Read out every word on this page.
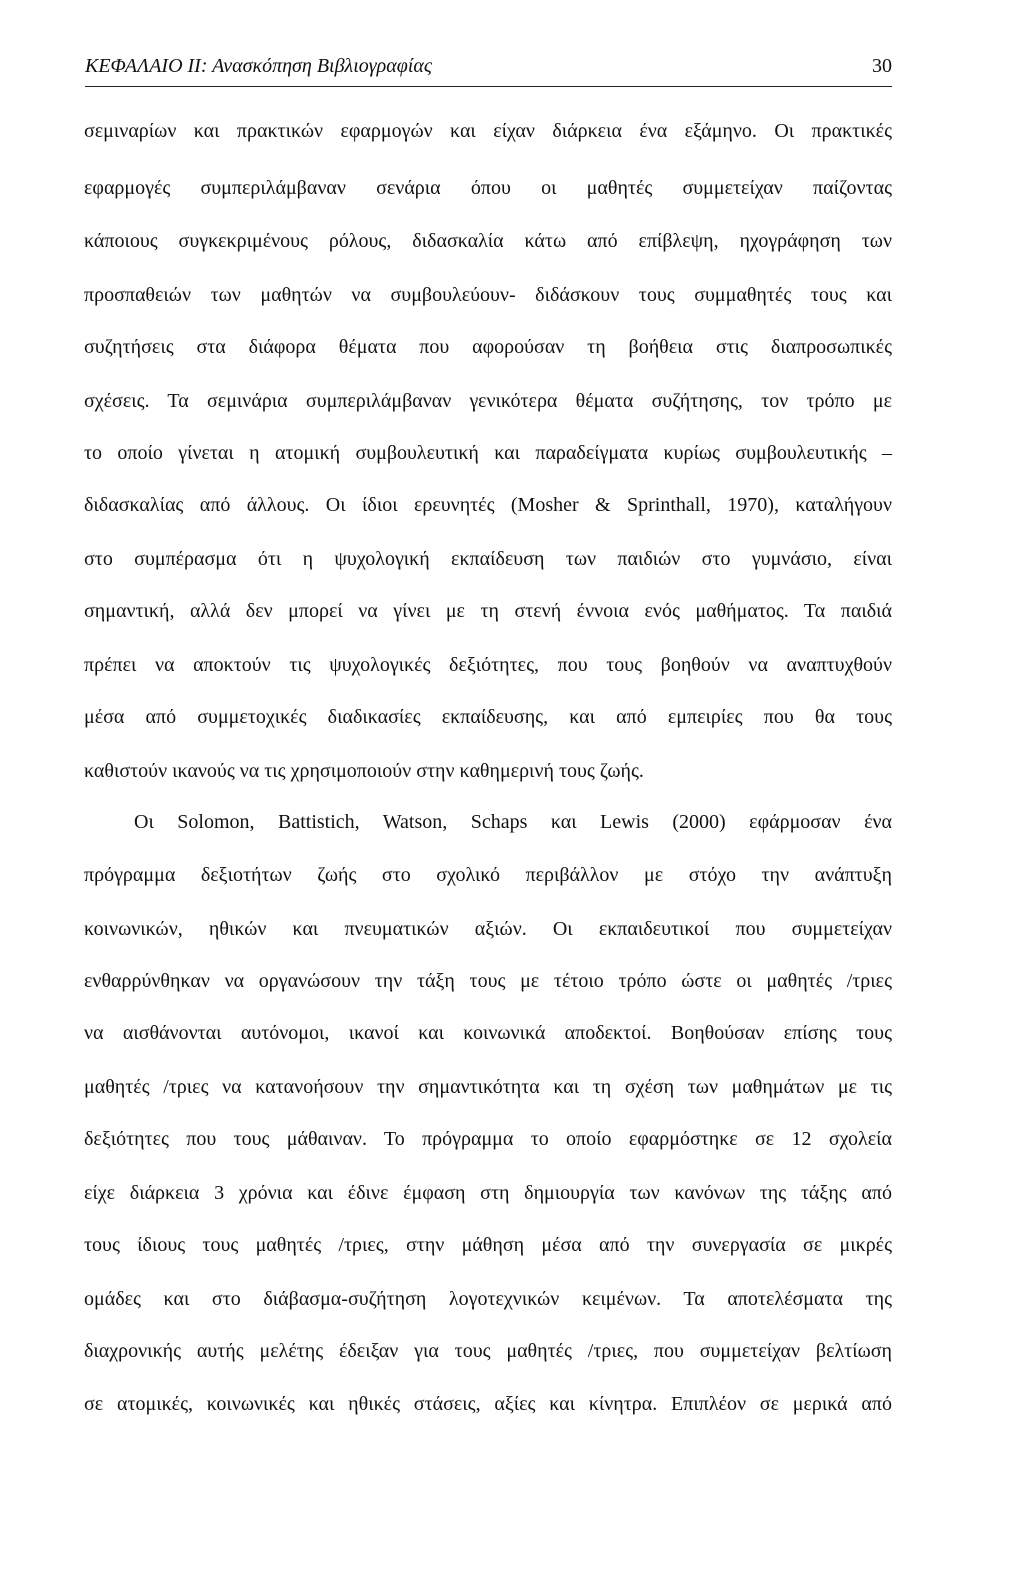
ΚΕΦΑΛΑΙΟ ΙΙ: Ανασκόπηση Βιβλιογραφίας	30
σεμιναρίων και πρακτικών εφαρμογών και είχαν διάρκεια ένα εξάμηνο. Οι πρακτικές
εφαρμογές συμπεριλάμβαναν σενάρια όπου οι μαθητές συμμετείχαν παίζοντας
κάποιους συγκεκριμένους ρόλους, διδασκαλία κάτω από επίβλεψη, ηχογράφηση των
προσπαθειών των μαθητών να συμβουλεύουν- διδάσκουν τους συμμαθητές τους και
συζητήσεις στα διάφορα θέματα που αφορούσαν τη βοήθεια στις διαπροσωπικές
σχέσεις. Τα σεμινάρια συμπεριλάμβαναν γενικότερα θέματα συζήτησης, τον τρόπο με
το οποίο γίνεται η ατομική συμβουλευτική και παραδείγματα κυρίως συμβουλευτικής –
διδασκαλίας από άλλους. Οι ίδιοι ερευνητές (Mosher & Sprinthall, 1970), καταλήγουν
στο συμπέρασμα ότι η ψυχολογική εκπαίδευση των παιδιών στο γυμνάσιο, είναι
σημαντική, αλλά δεν μπορεί να γίνει με τη στενή έννοια ενός μαθήματος. Τα παιδιά
πρέπει να αποκτούν τις ψυχολογικές δεξιότητες, που τους βοηθούν να αναπτυχθούν
μέσα από συμμετοχικές διαδικασίες εκπαίδευσης, και από εμπειρίες που θα τους
καθιστούν ικανούς να τις χρησιμοποιούν στην καθημερινή τους ζωής.
Οι Solomon, Battistich, Watson, Schaps και Lewis (2000) εφάρμοσαν ένα
πρόγραμμα δεξιοτήτων ζωής στο σχολικό περιβάλλον με στόχο την ανάπτυξη
κοινωνικών, ηθικών και πνευματικών αξιών. Οι εκπαιδευτικοί που συμμετείχαν
ενθαρρύνθηκαν να οργανώσουν την τάξη τους με τέτοιο τρόπο ώστε οι μαθητές /τριες
να αισθάνονται αυτόνομοι, ικανοί και κοινωνικά αποδεκτοί. Βοηθούσαν επίσης τους
μαθητές /τριες να κατανοήσουν την σημαντικότητα και τη σχέση των μαθημάτων με τις
δεξιότητες που τους μάθαιναν. Το πρόγραμμα το οποίο εφαρμόστηκε σε 12 σχολεία
είχε διάρκεια 3 χρόνια και έδινε έμφαση στη δημιουργία των κανόνων της τάξης από
τους ίδιους τους μαθητές /τριες, στην μάθηση μέσα από την συνεργασία σε μικρές
ομάδες και στο διάβασμα-συζήτηση λογοτεχνικών κειμένων. Τα αποτελέσματα της
διαχρονικής αυτής μελέτης έδειξαν για τους μαθητές /τριες, που συμμετείχαν βελτίωση
σε ατομικές, κοινωνικές και ηθικές στάσεις, αξίες και κίνητρα. Επιπλέον σε μερικά από
